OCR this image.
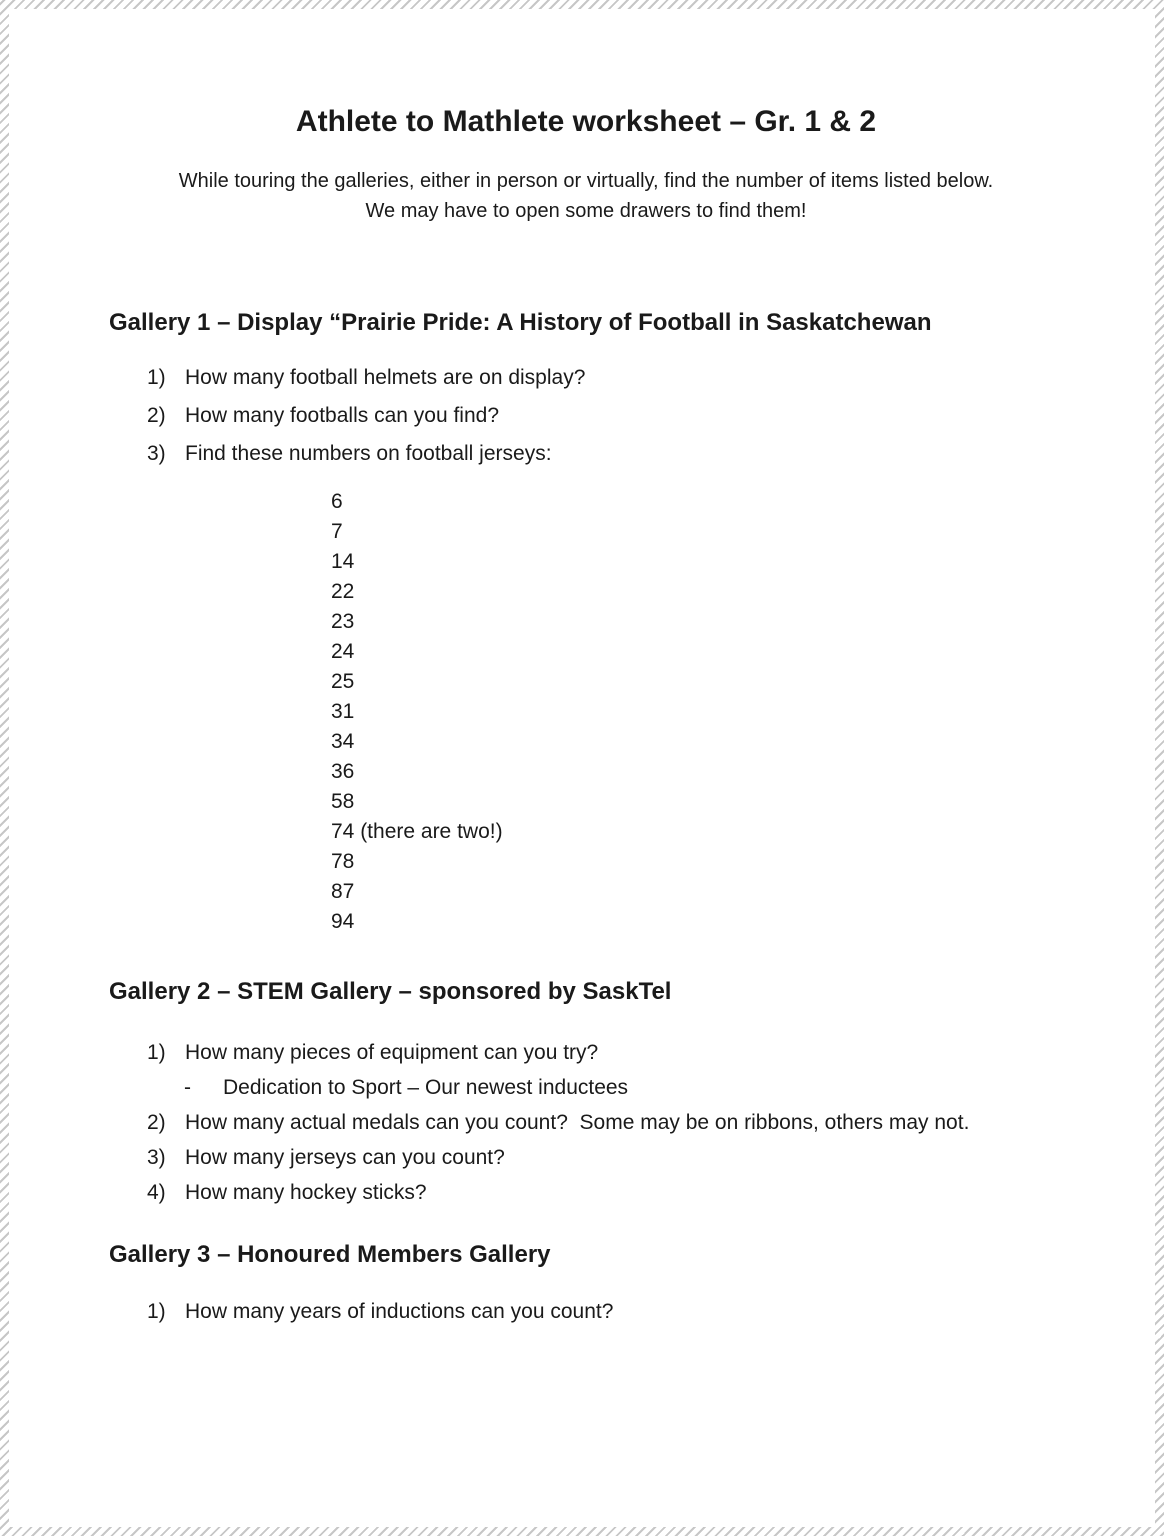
Athlete to Mathlete worksheet – Gr. 1 & 2

While touring the galleries, either in person or virtually, find the number of items listed below.

We may have to open some drawers to find them!

Gallery 1 – Display “Prairie Pride: A History of Football in Saskatchewan
1) How many football helmets are on display?
2) How many footballs can you find?
3) Find these numbers on football jerseys:
6
7
14
22
23
24
25
31
34
36
58
74 (there are two!)
78
87
94
Gallery 2 – STEM Gallery – sponsored by SaskTel
1) How many pieces of equipment can you try?
-	Dedication to Sport – Our newest inductees
2) How many actual medals can you count?  Some may be on ribbons, others may not.
3) How many jerseys can you count?
4) How many hockey sticks?
Gallery 3 – Honoured Members Gallery
1) How many years of inductions can you count?
